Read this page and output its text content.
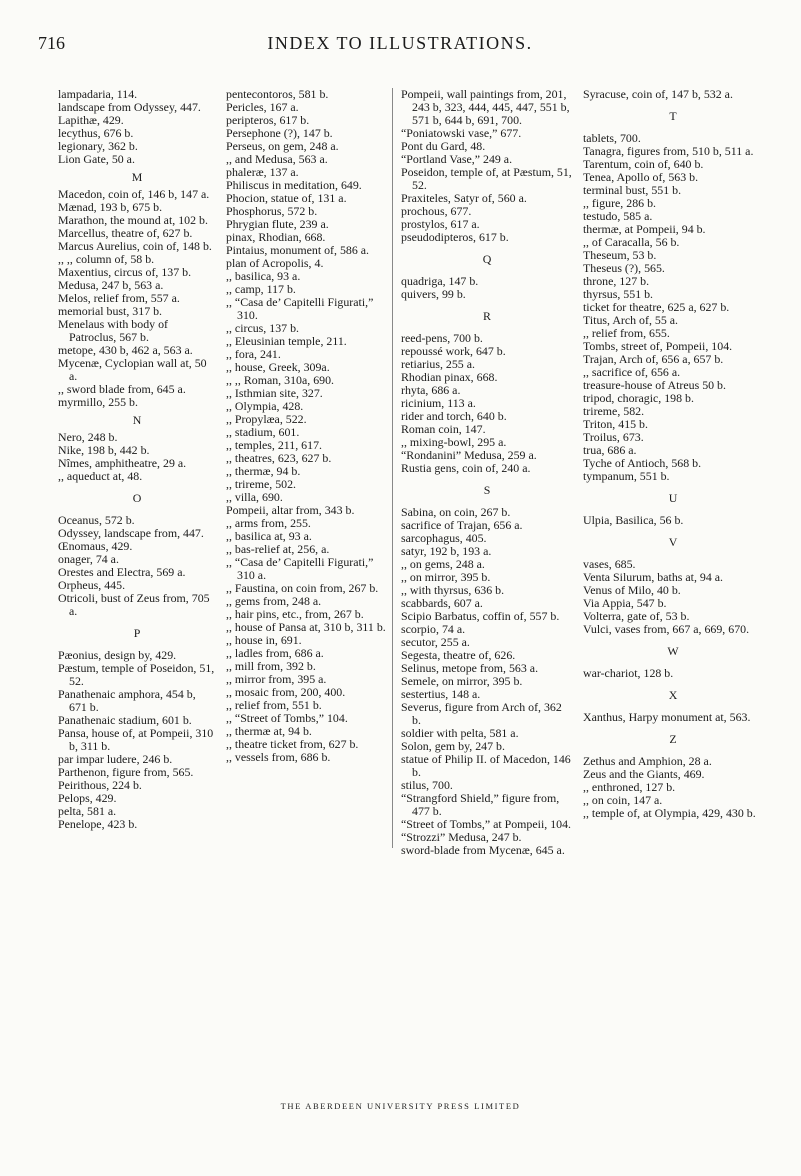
716	INDEX TO ILLUSTRATIONS.
lampadaria, 114.
landscape from Odyssey, 447.
Lapithæ, 429.
lecythus, 676 b.
legionary, 362 b.
Lion Gate, 50 a.
M
Macedon, coin of, 146 b, 147 a.
Mænad, 193 b, 675 b.
Marathon, the mound at, 102 b.
Marcellus, theatre of, 627 b.
Marcus Aurelius, coin of, 148 b.
,, ,, column of, 58 b.
Maxentius, circus of, 137 b.
Medusa, 247 b, 563 a.
Melos, relief from, 557 a.
memorial bust, 317 b.
Menelaus with body of Patroclus, 567 b.
metope, 430 b, 462 a, 563 a.
Mycenæ, Cyclopian wall at, 50 a.
,, sword blade from, 645 a.
myrmillo, 255 b.
N
Nero, 248 b.
Nike, 198 b, 442 b.
Nîmes, amphitheatre, 29 a.
,, aqueduct at, 48.
O
Oceanus, 572 b.
Odyssey, landscape from, 447.
Œnomaus, 429.
onager, 74 a.
Orestes and Electra, 569 a.
Orpheus, 445.
Otricoli, bust of Zeus from, 705 a.
P
Pæonius, design by, 429.
Pæstum, temple of Poseidon, 51, 52.
Panathenaic amphora, 454 b, 671 b.
Panathenaic stadium, 601 b.
Pansa, house of, at Pompeii, 310 b, 311 b.
par impar ludere, 246 b.
Parthenon, figure from, 565.
Peirithous, 224 b.
Pelops, 429.
pelta, 581 a.
Penelope, 423 b.
pentecontoros, 581 b.
Pericles, 167 a.
peripteros, 617 b.
Persephone (?), 147 b.
Perseus, on gem, 248 a.
,, and Medusa, 563 a.
phaleræ, 137 a.
Philiscus in meditation, 649.
Phocion, statue of, 131 a.
Phosphorus, 572 b.
Phrygian flute, 239 a.
pinax, Rhodian, 668.
Pintaius, monument of, 586 a.
plan of Acropolis, 4.
,, basilica, 93 a.
,, camp, 117 b.
,, “Casa de’ Capitelli Figurati,” 310.
,, circus, 137 b.
,, Eleusinian temple, 211.
,, fora, 241.
,, house, Greek, 309a.
,, ,, Roman, 310a, 690.
,, Isthmian site, 327.
,, Olympia, 428.
,, Propylæa, 522.
,, stadium, 601.
,, temples, 211, 617.
,, theatres, 623, 627 b.
,, thermæ, 94 b.
,, trireme, 502.
,, villa, 690.
Pompeii, altar from, 343 b.
,, arms from, 255.
,, basilica at, 93 a.
,, bas-relief at, 256, a.
,, “Casa de’ Capitelli Figurati,” 310 a.
,, Faustina, on coin from, 267 b.
,, gems from, 248 a.
,, hair pins, etc., from, 267 b.
,, house of Pansa at, 310 b, 311 b.
,, house in, 691.
,, ladles from, 686 a.
,, mill from, 392 b.
,, mirror from, 395 a.
,, mosaic from, 200, 400.
,, relief from, 551 b.
,, “Street of Tombs,” 104.
,, thermæ at, 94 b.
,, theatre ticket from, 627 b.
,, vessels from, 686 b.
Pompeii, wall paintings from, 201, 243 b, 323, 444, 445, 447, 551 b, 571 b, 644 b, 691, 700.
“Poniatowski vase,” 677.
Pont du Gard, 48.
“Portland Vase,” 249 a.
Poseidon, temple of, at Pæstum, 51, 52.
Praxiteles, Satyr of, 560 a.
prochous, 677.
prostylos, 617 a.
pseudodipteros, 617 b.
Q
quadriga, 147 b.
quivers, 99 b.
R
reed-pens, 700 b.
repoussé work, 647 b.
retiarius, 255 a.
Rhodian pinax, 668.
rhyta, 686 a.
ricinium, 113 a.
rider and torch, 640 b.
Roman coin, 147.
,, mixing-bowl, 295 a.
“Rondanini” Medusa, 259 a.
Rustia gens, coin of, 240 a.
S
Sabina, on coin, 267 b.
sacrifice of Trajan, 656 a.
sarcophagus, 405.
satyr, 192 b, 193 a.
,, on gems, 248 a.
,, on mirror, 395 b.
,, with thyrsus, 636 b.
scabbards, 607 a.
Scipio Barbatus, coffin of, 557 b.
scorpio, 74 a.
secutor, 255 a.
Segesta, theatre of, 626.
Selinus, metope from, 563 a.
Semele, on mirror, 395 b.
sestertius, 148 a.
Severus, figure from Arch of, 362 b.
soldier with pelta, 581 a.
Solon, gem by, 247 b.
statue of Philip II. of Macedon, 146 b.
stilus, 700.
“Strangford Shield,” figure from, 477 b.
“Street of Tombs,” at Pompeii, 104.
“Strozzi” Medusa, 247 b.
sword-blade from Mycenæ, 645 a.
Syracuse, coin of, 147 b, 532 a.
T
tablets, 700.
Tanagra, figures from, 510 b, 511 a.
Tarentum, coin of, 640 b.
Tenea, Apollo of, 563 b.
terminal bust, 551 b.
,, figure, 286 b.
testudo, 585 a.
thermæ, at Pompeii, 94 b.
,, of Caracalla, 56 b.
Theseum, 53 b.
Theseus (?), 565.
throne, 127 b.
thyrsus, 551 b.
ticket for theatre, 625 a, 627 b.
Titus, Arch of, 55 a.
,, relief from, 655.
Tombs, street of, Pompeii, 104.
Trajan, Arch of, 656 a, 657 b.
,, sacrifice of, 656 a.
treasure-house of Atreus 50 b.
tripod, choragic, 198 b.
trireme, 582.
Triton, 415 b.
Troilus, 673.
trua, 686 a.
Tyche of Antioch, 568 b.
tympanum, 551 b.
U
Ulpia, Basilica, 56 b.
V
vases, 685.
Venta Silurum, baths at, 94 a.
Venus of Milo, 40 b.
Via Appia, 547 b.
Volterra, gate of, 53 b.
Vulci, vases from, 667 a, 669, 670.
W
war-chariot, 128 b.
X
Xanthus, Harpy monument at, 563.
Z
Zethus and Amphion, 28 a.
Zeus and the Giants, 469.
,, enthroned, 127 b.
,, on coin, 147 a.
,, temple of, at Olympia, 429, 430 b.
THE ABERDEEN UNIVERSITY PRESS LIMITED
